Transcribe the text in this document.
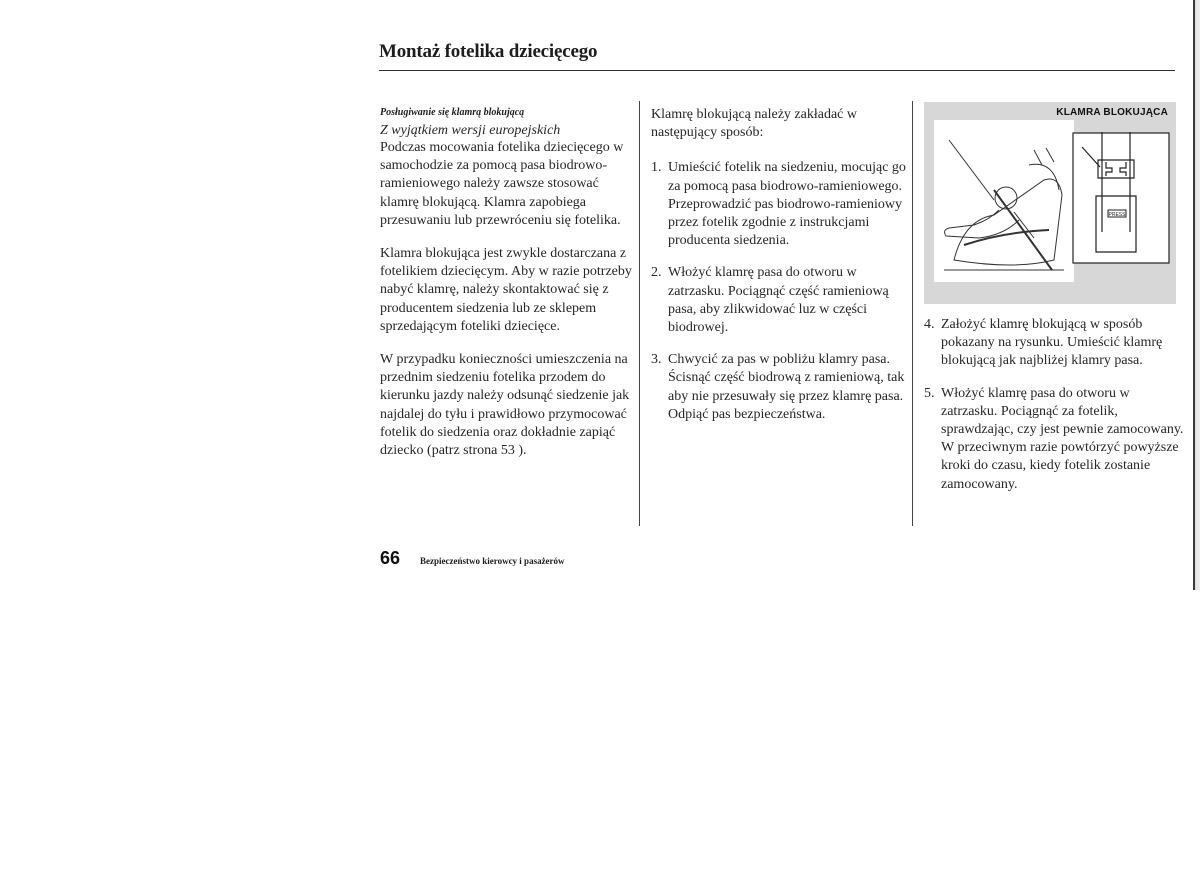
Montaż fotelika dziecięcego
Posługiwanie się klamrą blokującą
Z wyjątkiem wersji europejskich

Podczas mocowania fotelika dziecięcego w samochodzie za pomocą pasa biodrowo-ramieniowego należy zawsze stosować klamrę blokującą. Klamra zapobiega przesuwaniu lub przewróceniu się fotelika.

Klamra blokująca jest zwykle dostarczana z fotelikiem dziecięcym. Aby w razie potrzeby nabyć klamrę, należy skontaktować się z producentem siedzenia lub ze sklepem sprzedającym foteliki dziecięce.

W przypadku konieczności umieszczenia na przednim siedzeniu fotelika przodem do kierunku jazdy należy odsunąć siedzenie jak najdalej do tyłu i prawidłowo przymocować fotelik do siedzenia oraz dokładnie zapiąć dziecko (patrz strona 53 ).

Klamrę blokującą należy zakładać w następujący sposób:

1. Umieścić fotelik na siedzeniu, mocując go za pomocą pasa biodrowo-ramieniowego. Przeprowadzić pas biodrowo-ramieniowy przez fotelik zgodnie z instrukcjami producenta siedzenia.
2. Włożyć klamrę pasa do otworu w zatrzasku. Pociągnąć część ramieniową pasa, aby zlikwidować luz w części biodrowej.
3. Chwycić za pas w pobliżu klamry pasa. Ścisnąć część biodrową z ramieniową, tak aby nie przesuwały się przez klamrę pasa. Odpiąć pas bezpieczeństwa.
KLAMRA BLOKUJĄCA
PRESS
4. Założyć klamrę blokującą w sposób pokazany na rysunku. Umieścić klamrę blokującą jak najbliżej klamry pasa.
5. Włożyć klamrę pasa do otworu w zatrzasku. Pociągnąć za fotelik, sprawdzając, czy jest pewnie zamocowany. W przeciwnym razie powtórzyć powyższe kroki do czasu, kiedy fotelik zostanie zamocowany.
66 Bezpieczeństwo kierowcy i pasażerów
